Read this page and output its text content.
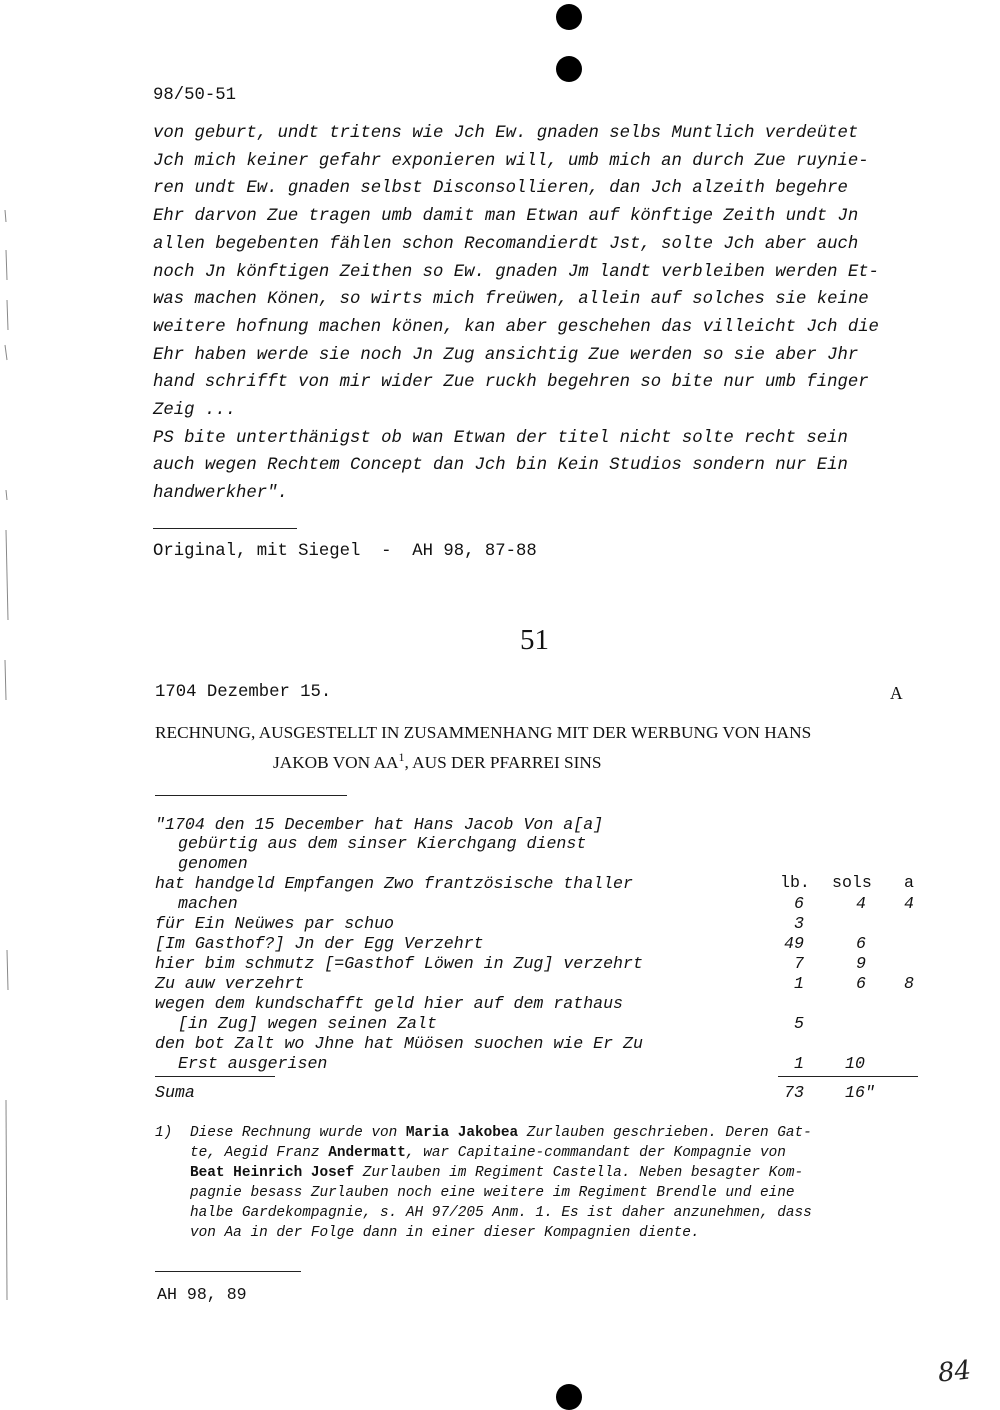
98/50-51
von geburt, undt tritens wie Jch Ew. gnaden selbs Muntlich verdeütet
Jch mich keiner gefahr exponieren will, umb mich an durch Zue ruynie-
ren undt Ew. gnaden selbst Disconsollieren, dan Jch alzeith begehre
Ehr darvon Zue tragen umb damit man Etwan auf könftige Zeith undt Jn
allen begebenten fählen schon Recomandierdt Jst, solte Jch aber auch
noch Jn könftigen Zeithen so Ew. gnaden Jm landt verbleiben werden Et-
was machen Könen, so wirts mich freüwen, allein auf solches sie keine
weitere hofnung machen könen, kan aber geschehen das villeicht Jch die
Ehr haben werde sie noch Jn Zug ansichtig Zue werden so sie aber Jhr
hand schrifft von mir wider Zue ruckh begehren so bite nur umb finger
Zeig ...
PS bite unterthänigst ob wan Etwan der titel nicht solte recht sein
auch wegen Rechtem Concept dan Jch bin Kein Studios sondern nur Ein
handwerkher".
Original, mit Siegel  -  AH 98, 87-88
51
1704 Dezember 15.	A
RECHNUNG, AUSGESTELLT IN ZUSAMMENHANG MIT DER WERBUNG VON HANS
JAKOB VON $AA^1$, AUS DER PFARREI SINS
"1704 den 15 December hat Hans Jacob Von a[a]
gebürtig aus dem sinser Kierchgang dienst
genomen
lb. sols a
hat handgeld Empfangen Zwo frantzösische thaller
machen	6	4 4
für Ein Neüwes par schuo	3
[Im Gasthof?] Jn der Egg Verzehrt	49	6
hier bim schmutz [=Gasthof Löwen in Zug] verzehrt	7	9
Zu auw verzehrt	1	6 8
wegen dem kundschafft geld hier auf dem rathaus
[in Zug] wegen seinen Zalt	5
den bot Zalt wo Jhne hat Müösen suochen wie Er Zu
Erst ausgerisen	1 10
Suma	73 16"
1) Diese Rechnung wurde von Maria Jakobea Zurlauben geschrieben. Deren Gat-
te, Aegid Franz Andermatt, war Capitaine-commandant der Kompagnie von
Beat Heinrich Josef Zurlauben im Regiment Castella. Neben besagter Kom-
pagnie besass Zurlauben noch eine weitere im Regiment Brendle und eine
halbe Gardekompagnie, s. AH 97/205 Anm. 1. Es ist daher anzunehmen, dass
von Aa in der Folge dann in einer dieser Kompagnien diente.
AH 98, 89
84
